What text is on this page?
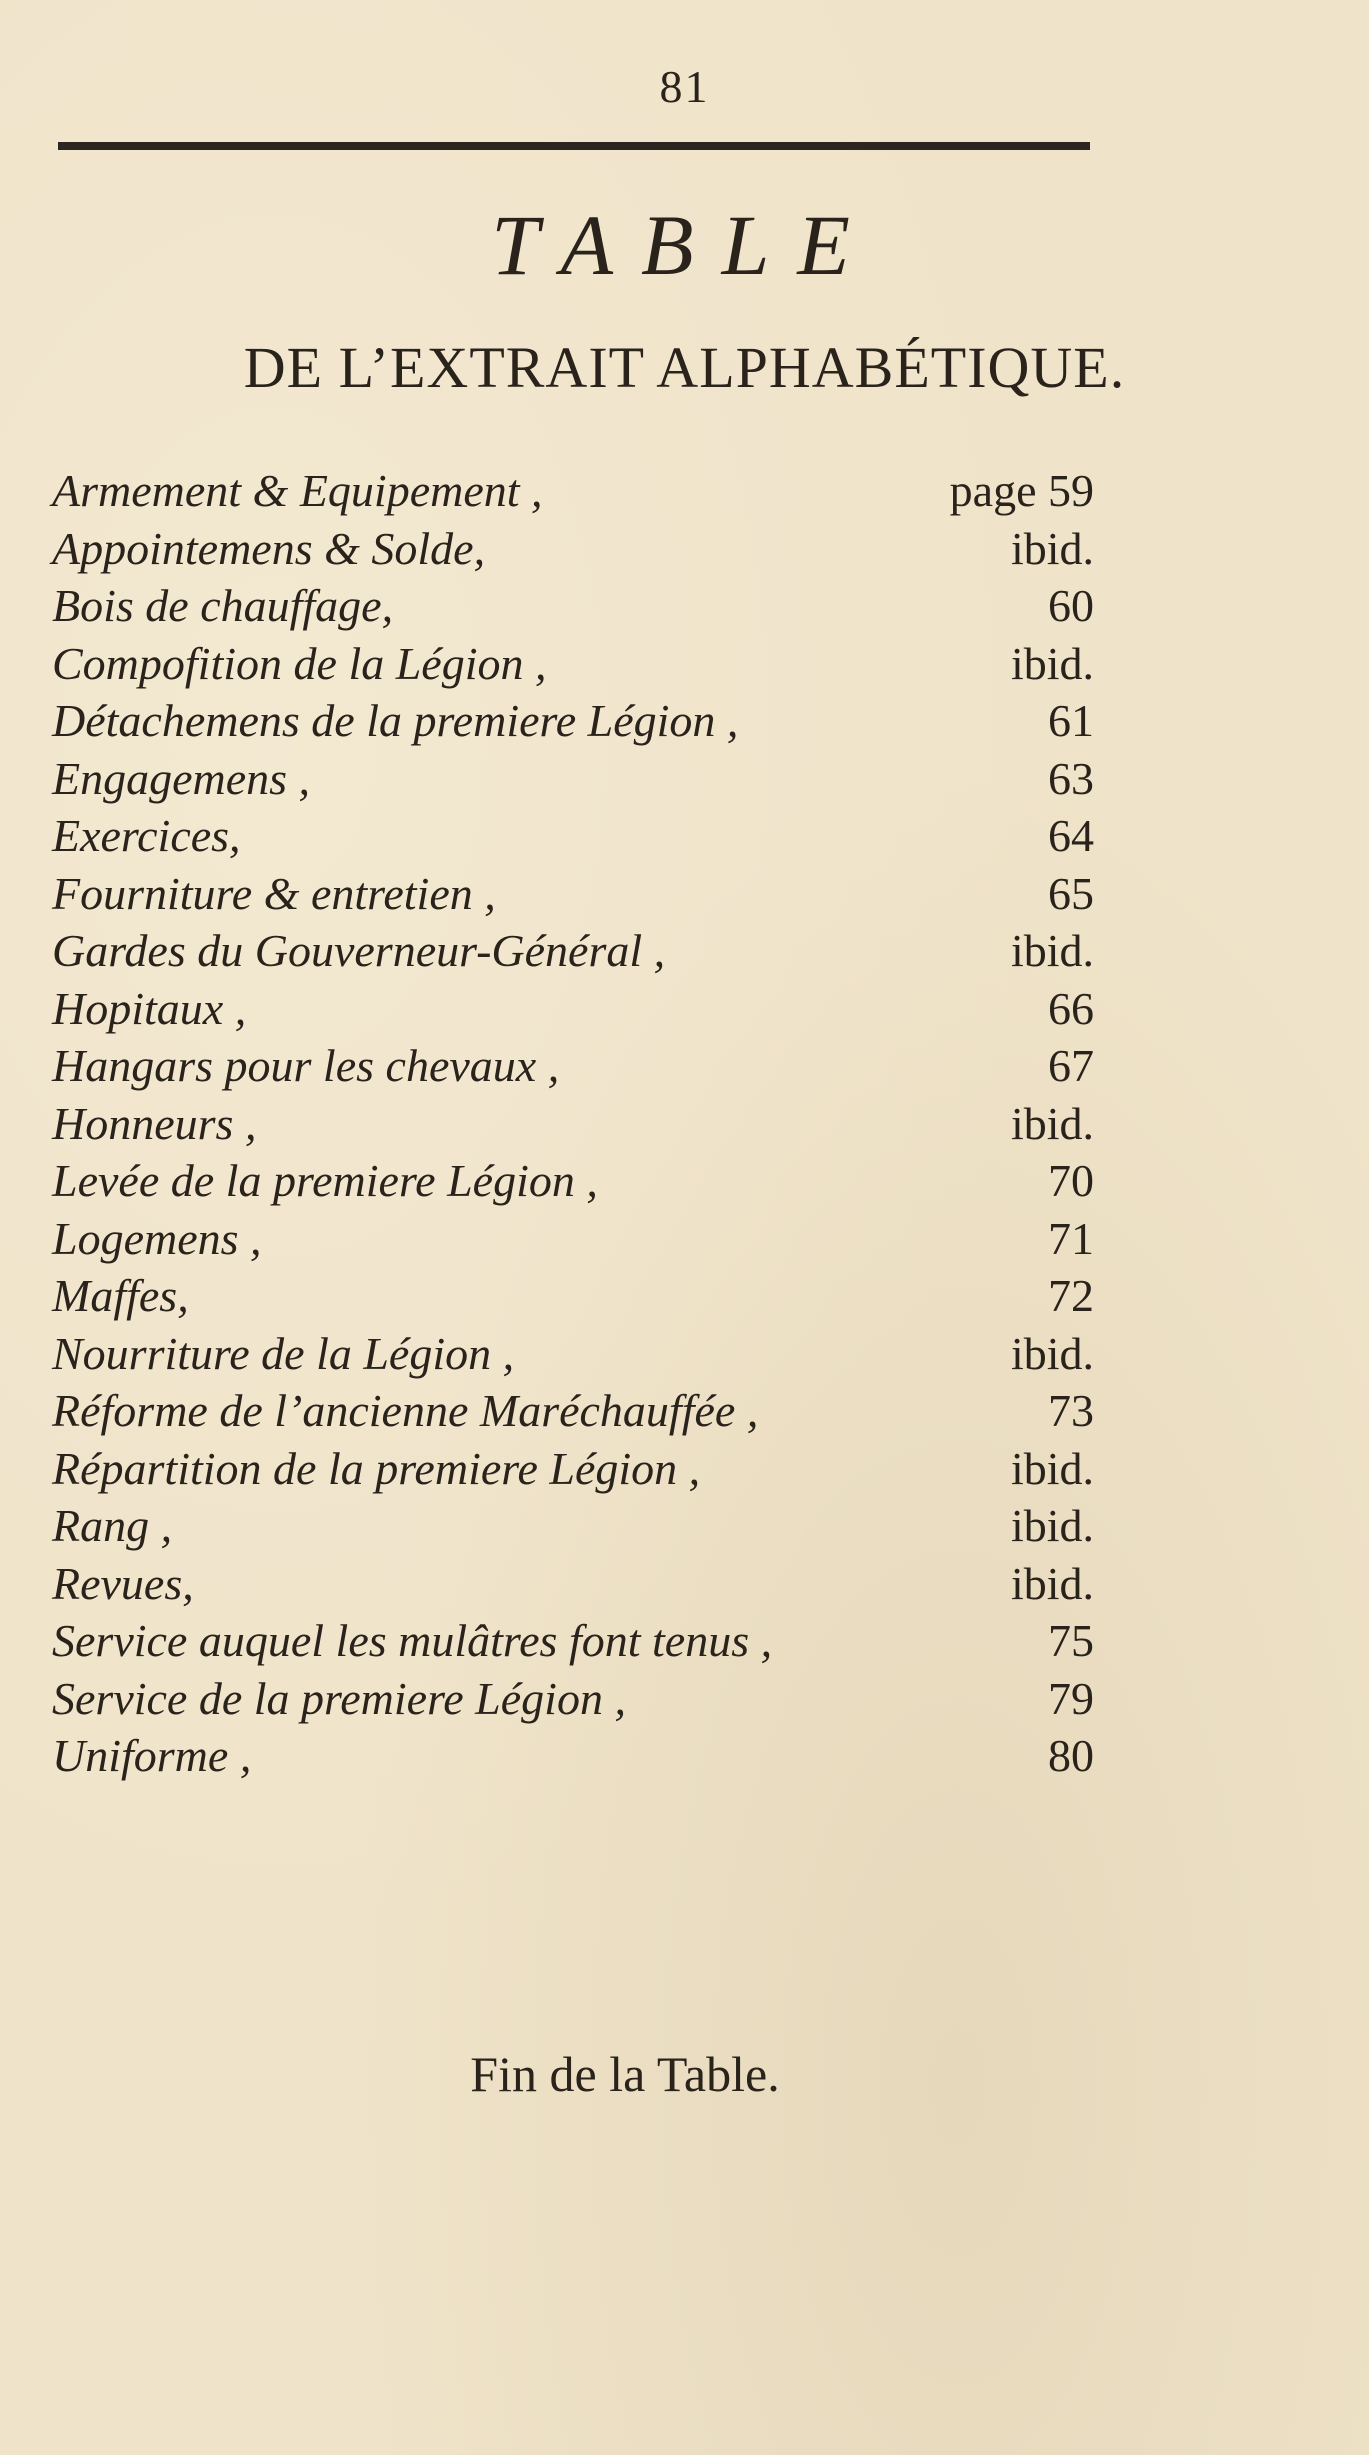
81
TABLE
DE L’EXTRAIT ALPHABÉTIQUE.
Armement & Equipement ,	page 59
Appointemens & Solde,	ibid.
Bois de chauffage,	60
Compofition de la Légion ,	ibid.
Détachemens de la premiere Légion ,	61
Engagemens ,	63
Exercices,	64
Fourniture & entretien ,	65
Gardes du Gouverneur-Général ,	ibid.
Hopitaux ,	66
Hangars pour les chevaux ,	67
Honneurs ,	ibid.
Levée de la premiere Légion ,	70
Logemens ,	71
Maffes,	72
Nourriture de la Légion ,	ibid.
Réforme de l’ancienne Maréchauffée ,	73
Répartition de la premiere Légion ,	ibid.
Rang ,	ibid.
Revues,	ibid.
Service auquel les mulâtres font tenus ,	75
Service de la premiere Légion ,	79
Uniforme ,	80
Fin de la Table.
